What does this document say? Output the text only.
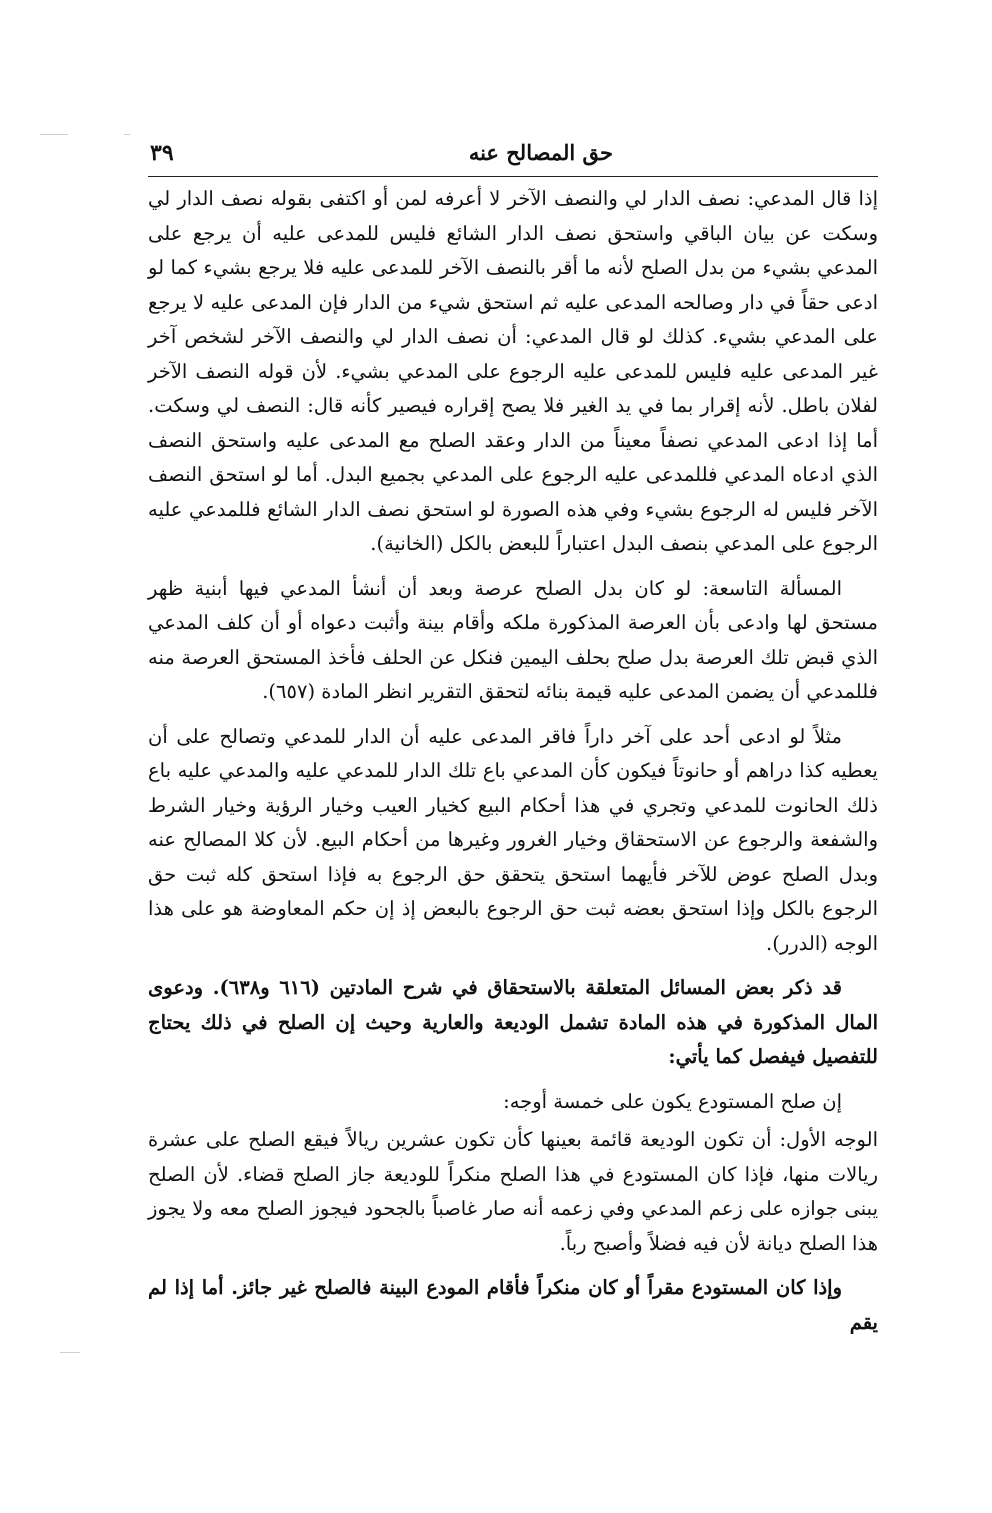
حق المصالح عنه
٣٩

إذا قال المدعي: نصف الدار لي والنصف الآخر لا أعرفه لمن أو اكتفى بقوله نصف الدار لي وسكت عن بيان الباقي واستحق نصف الدار الشائع فليس للمدعى عليه أن يرجع على المدعي بشيء من بدل الصلح لأنه ما أقر بالنصف الآخر للمدعى عليه فلا يرجع بشيء كما لو ادعى حقاً في دار وصالحه المدعى عليه ثم استحق شيء من الدار فإن المدعى عليه لا يرجع على المدعي بشيء. كذلك لو قال المدعي: أن نصف الدار لي والنصف الآخر لشخص آخر غير المدعى عليه فليس للمدعى عليه الرجوع على المدعي بشيء. لأن قوله النصف الآخر لفلان باطل. لأنه إقرار بما في يد الغير فلا يصح إقراره فيصير كأنه قال: النصف لي وسكت. أما إذا ادعى المدعي نصفاً معيناً من الدار وعقد الصلح مع المدعى عليه واستحق النصف الذي ادعاه المدعي فللمدعى عليه الرجوع على المدعي بجميع البدل. أما لو استحق النصف الآخر فليس له الرجوع بشيء وفي هذه الصورة لو استحق نصف الدار الشائع فللمدعي عليه الرجوع على المدعي بنصف البدل اعتباراً للبعض بالكل (الخانية).

المسألة التاسعة: لو كان بدل الصلح عرصة وبعد أن أنشأ المدعي فيها أبنية ظهر مستحق لها وادعى بأن العرصة المذكورة ملكه وأقام بينة وأثبت دعواه أو أن كلف المدعي الذي قبض تلك العرصة بدل صلح بحلف اليمين فنكل عن الحلف فأخذ المستحق العرصة منه فللمدعي أن يضمن المدعى عليه قيمة بنائه لتحقق التقرير انظر المادة (٦٥٧).

مثلاً لو ادعى أحد على آخر داراً فاقر المدعى عليه أن الدار للمدعي وتصالح على أن يعطيه كذا دراهم أو حانوتاً فيكون كأن المدعي باع تلك الدار للمدعي عليه والمدعي عليه باع ذلك الحانوت للمدعي وتجري في هذا أحكام البيع كخيار العيب وخيار الرؤية وخيار الشرط والشفعة والرجوع عن الاستحقاق وخيار الغرور وغيرها من أحكام البيع. لأن كلا المصالح عنه وبدل الصلح عوض للآخر فأيهما استحق يتحقق حق الرجوع به فإذا استحق كله ثبت حق الرجوع بالكل وإذا استحق بعضه ثبت حق الرجوع بالبعض إذ إن حكم المعاوضة هو على هذا الوجه (الدرر).

قد ذكر بعض المسائل المتعلقة بالاستحقاق في شرح المادتين (٦١٦ و٦٣٨). ودعوى المال المذكورة في هذه المادة تشمل الوديعة والعارية وحيث إن الصلح في ذلك يحتاج للتفصيل فيفصل كما يأتي:

إن صلح المستودع يكون على خمسة أوجه:

الوجه الأول: أن تكون الوديعة قائمة بعينها كأن تكون عشرين ريالاً فيقع الصلح على عشرة ريالات منها، فإذا كان المستودع في هذا الصلح منكراً للوديعة جاز الصلح قضاء. لأن الصلح يبنى جوازه على زعم المدعي وفي زعمه أنه صار غاصباً بالجحود فيجوز الصلح معه ولا يجوز هذا الصلح ديانة لأن فيه فضلاً وأصبح رباً.

وإذا كان المستودع مقراً أو كان منكراً فأقام المودع البينة فالصلح غير جائز. أما إذا لم يقم
